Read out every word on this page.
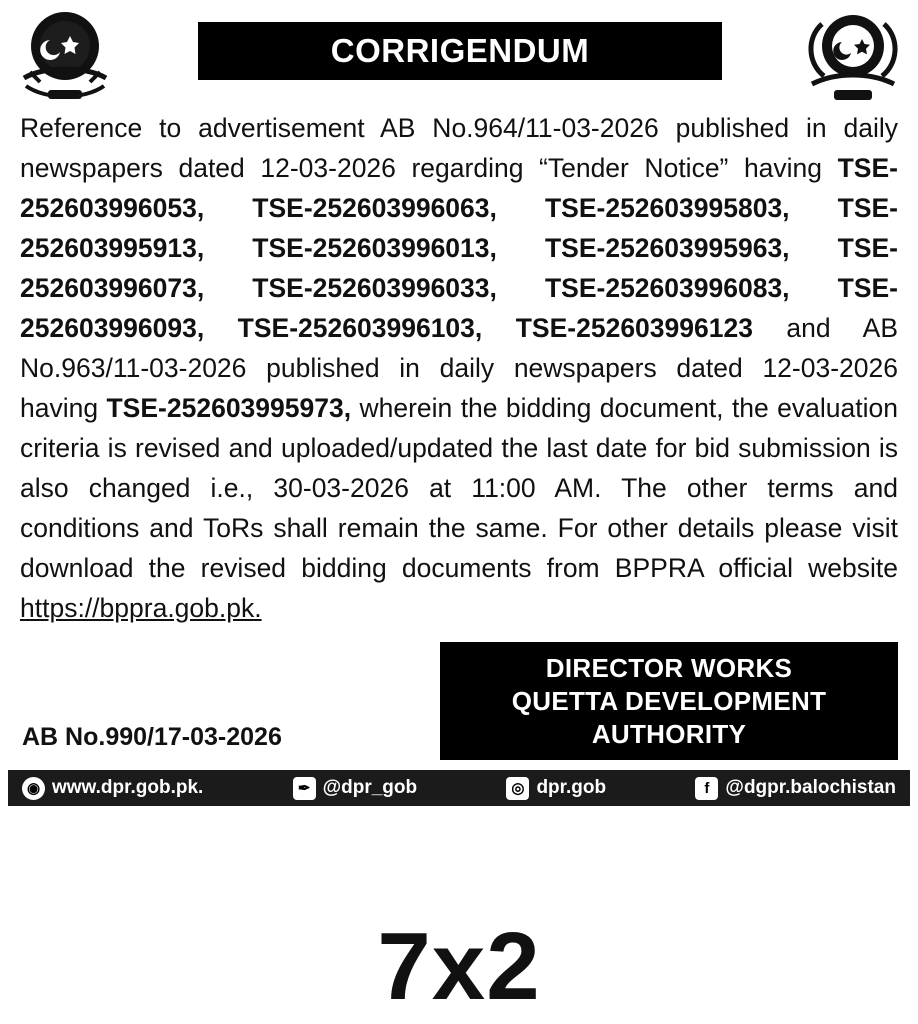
CORRIGENDUM

Reference to advertisement AB No.964/11-03-2026 published in daily newspapers dated 12-03-2026 regarding “Tender Notice” having TSE-252603996053, TSE-252603996063, TSE-252603995803, TSE-252603995913, TSE-252603996013, TSE-252603995963, TSE-252603996073, TSE-252603996033, TSE-252603996083, TSE-252603996093, TSE-252603996103, TSE-252603996123 and AB No.963/11-03-2026 published in daily newspapers dated 12-03-2026 having TSE-252603995973, wherein the bidding document, the evaluation criteria is revised and uploaded/updated the last date for bid submission is also changed i.e., 30-03-2026 at 11:00 AM. The other terms and conditions and ToRs shall remain the same. For other details please visit download the revised bidding documents from BPPRA official website https://bppra.gob.pk.

DIRECTOR WORKS
QUETTA DEVELOPMENT
AUTHORITY
AB No.990/17-03-2026
◉ www.dpr.gob.pk.	✒ @dpr_gob	◎ dpr.gob	f @dgpr.balochistan
7x2
